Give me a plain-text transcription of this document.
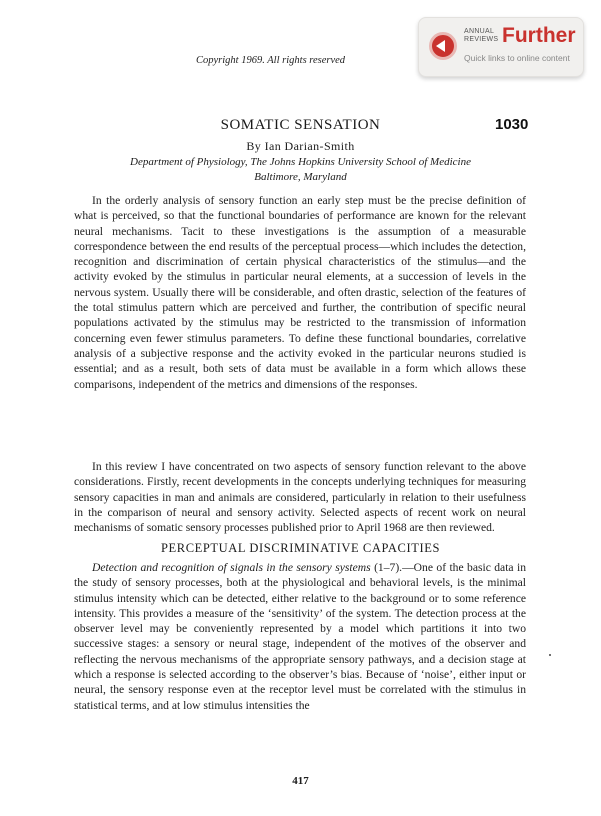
Copyright 1969. All rights reserved
ANNUAL
REVIEWS Further
Quick links to online content
SOMATIC SENSATION	1030
By Ian Darian-Smith
Department of Physiology, The Johns Hopkins University School of Medicine
Baltimore, Maryland

In the orderly analysis of sensory function an early step must be the precise definition of what is perceived, so that the functional boundaries of performance are known for the relevant neural mechanisms. Tacit to these investigations is the assumption of a measurable correspondence between the end results of the perceptual process—which includes the detection, recognition and discrimination of certain physical characteristics of the stimulus—and the activity evoked by the stimulus in particular neural elements, at a succession of levels in the nervous system. Usually there will be considerable, and often drastic, selection of the features of the total stimulus pattern which are perceived and further, the contribution of specific neural populations activated by the stimulus may be restricted to the transmission of information concerning even fewer stimulus parameters. To define these functional boundaries, correlative analysis of a subjective response and the activity evoked in the particular neurons studied is essential; and as a result, both sets of data must be available in a form which allows these comparisons, independent of the metrics and dimensions of the responses.

In this review I have concentrated on two aspects of sensory function relevant to the above considerations. Firstly, recent developments in the concepts underlying techniques for measuring sensory capacities in man and animals are considered, particularly in relation to their usefulness in the comparison of neural and sensory activity. Selected aspects of recent work on neural mechanisms of somatic sensory processes published prior to April 1968 are then reviewed.

PERCEPTUAL DISCRIMINATIVE CAPACITIES

Detection and recognition of signals in the sensory systems (1–7).—One of the basic data in the study of sensory processes, both at the physiological and behavioral levels, is the minimal stimulus intensity which can be detected, either relative to the background or to some reference intensity. This provides a measure of the ‘sensitivity’ of the system. The detection process at the observer level may be conveniently represented by a model which partitions it into two successive stages: a sensory or neural stage, independent of the motives of the observer and reflecting the nervous mechanisms of the appropriate sensory pathways, and a decision stage at which a response is selected according to the observer’s bias. Because of ‘noise’, either input or neural, the sensory response even at the receptor level must be correlated with the stimulus in statistical terms, and at low stimulus intensities the

417
